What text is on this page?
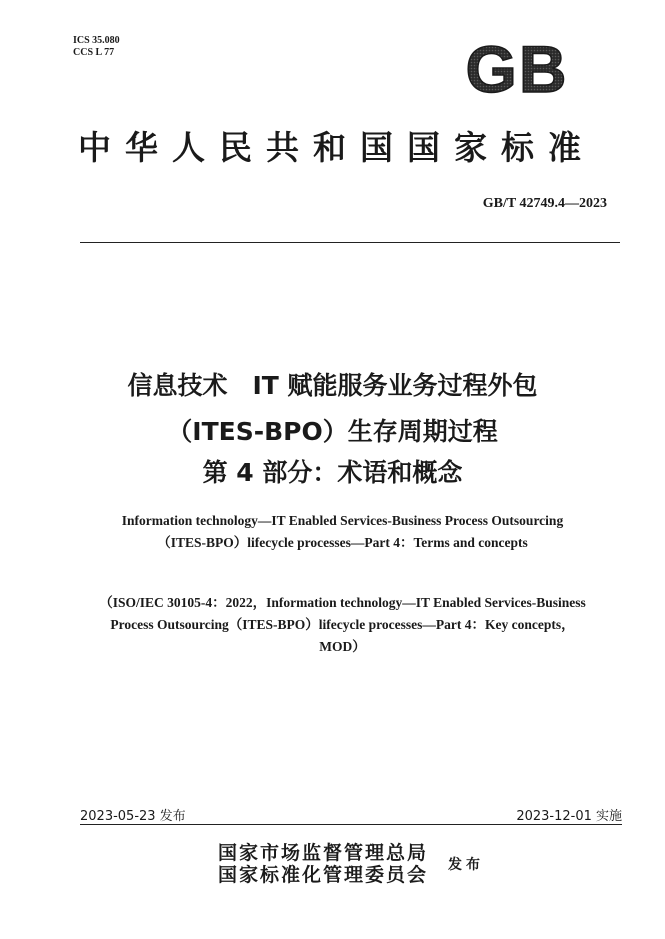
ICS 35.080
CCS L 77	GB
中华人民共和国国家标准
GB/T 42749.4—2023
信息技术　IT 赋能服务业务过程外包
（ITES-BPO）生存周期过程
第 4 部分：术语和概念
Information technology—IT Enabled Services-Business Process Outsourcing
（ITES-BPO）lifecycle processes—Part 4：Terms and concepts
（ISO/IEC 30105-4：2022，Information technology—IT Enabled Services-Business
Process Outsourcing（ITES-BPO）lifecycle processes—Part 4：Key concepts，
MOD）
2023-05-23 发布	2023-12-01 实施
国家市场监督管理总局
国家标准化管理委员会 发布
